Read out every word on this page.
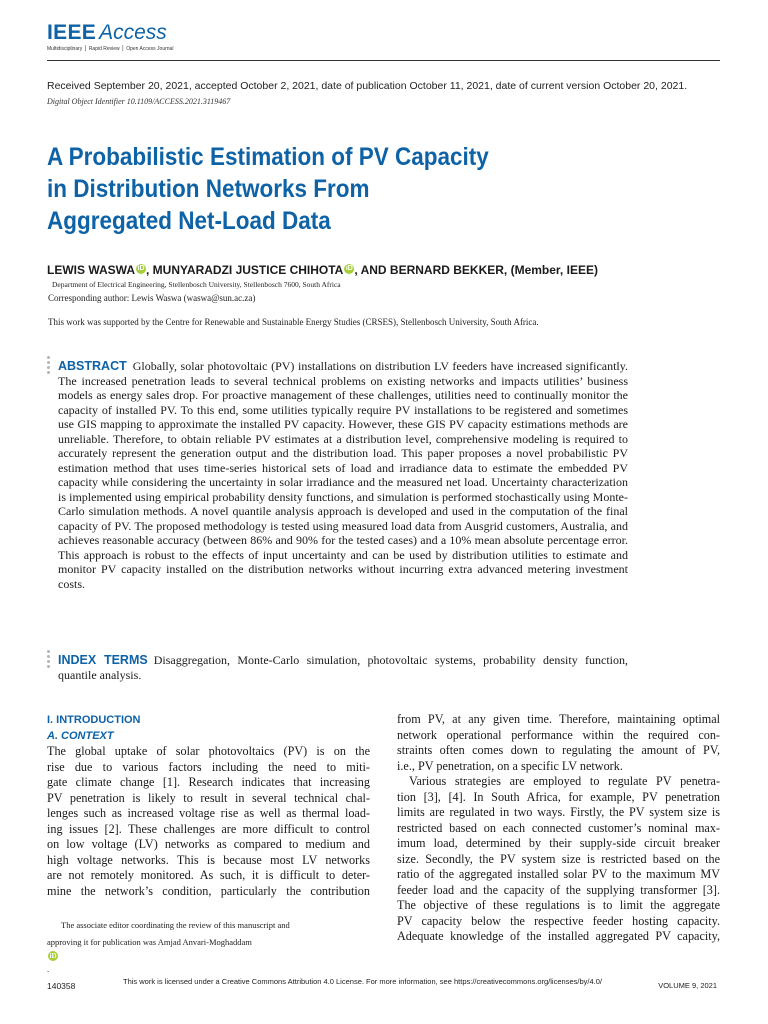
IEEE Access
Multidisciplinary ⎪ Rapid Review ⎪ Open Access Journal
Received September 20, 2021, accepted October 2, 2021, date of publication October 11, 2021, date of current version October 20, 2021.
Digital Object Identifier 10.1109/ACCESS.2021.3119467
A Probabilistic Estimation of PV Capacity
in Distribution Networks From
Aggregated Net-Load Data
LEWIS WASWA iD , MUNYARADZI JUSTICE CHIHOTA iD , AND BERNARD BEKKER, (Member, IEEE)
Department of Electrical Engineering, Stellenbosch University, Stellenbosch 7600, South Africa
Corresponding author: Lewis Waswa (waswa@sun.ac.za)
This work was supported by the Centre for Renewable and Sustainable Energy Studies (CRSES), Stellenbosch University, South Africa.

ABSTRACT Globally, solar photovoltaic (PV) installations on distribution LV feeders have increased significantly. The increased penetration leads to several technical problems on existing networks and impacts utilities’ business models as energy sales drop. For proactive management of these challenges, utilities need to continually monitor the capacity of installed PV. To this end, some utilities typically require PV installations to be registered and sometimes use GIS mapping to approximate the installed PV capacity. However, these GIS PV capacity estimations methods are unreliable. Therefore, to obtain reliable PV estimates at a distribution level, comprehensive modeling is required to accurately represent the generation output and the distribution load. This paper proposes a novel probabilistic PV estimation method that uses time-series historical sets of load and irradiance data to estimate the embedded PV capacity while considering the uncertainty in solar irradiance and the measured net load. Uncertainty characterization is implemented using empirical probability density functions, and simulation is performed stochastically using Monte-Carlo simulation methods. A novel quantile analysis approach is developed and used in the computation of the final capacity of PV. The proposed methodology is tested using measured load data from Ausgrid customers, Australia, and achieves reasonable accuracy (between 86% and 90% for the tested cases) and a 10% mean absolute percentage error. This approach is robust to the effects of input uncertainty and can be used by distribution utilities to estimate and monitor PV capacity installed on the distribution networks without incurring extra advanced metering investment costs.

INDEX TERMS Disaggregation, Monte-Carlo simulation, photovoltaic systems, probability density function, quantile analysis.

I. INTRODUCTION
A. CONTEXT

The global uptake of solar photovoltaics (PV) is on the
rise due to various factors including the need to miti-
gate climate change [1]. Research indicates that increasing
PV penetration is likely to result in several technical chal-
lenges such as increased voltage rise as well as thermal load-
ing issues [2]. These challenges are more difficult to control
on low voltage (LV) networks as compared to medium and
high voltage networks. This is because most LV networks
are not remotely monitored. As such, it is difficult to deter-
mine the network’s condition, particularly the contribution

The associate editor coordinating the review of this manuscript and
approving it for publication was Amjad Anvari-Moghaddam
iD
.

from PV, at any given time. Therefore, maintaining optimal
network operational performance within the required con-
straints often comes down to regulating the amount of PV,
i.e., PV penetration, on a specific LV network.
Various strategies are employed to regulate PV penetra-
tion [3], [4]. In South Africa, for example, PV penetration
limits are regulated in two ways. Firstly, the PV system size is
restricted based on each connected customer’s nominal max-
imum load, determined by their supply-side circuit breaker
size. Secondly, the PV system size is restricted based on the
ratio of the aggregated installed solar PV to the maximum MV
feeder load and the capacity of the supplying transformer [3].
The objective of these regulations is to limit the aggregate
PV capacity below the respective feeder hosting capacity.
Adequate knowledge of the installed aggregated PV capacity,

140358	This work is licensed under a Creative Commons Attribution 4.0 License. For more information, see https://creativecommons.org/licenses/by/4.0/	VOLUME 9, 2021
